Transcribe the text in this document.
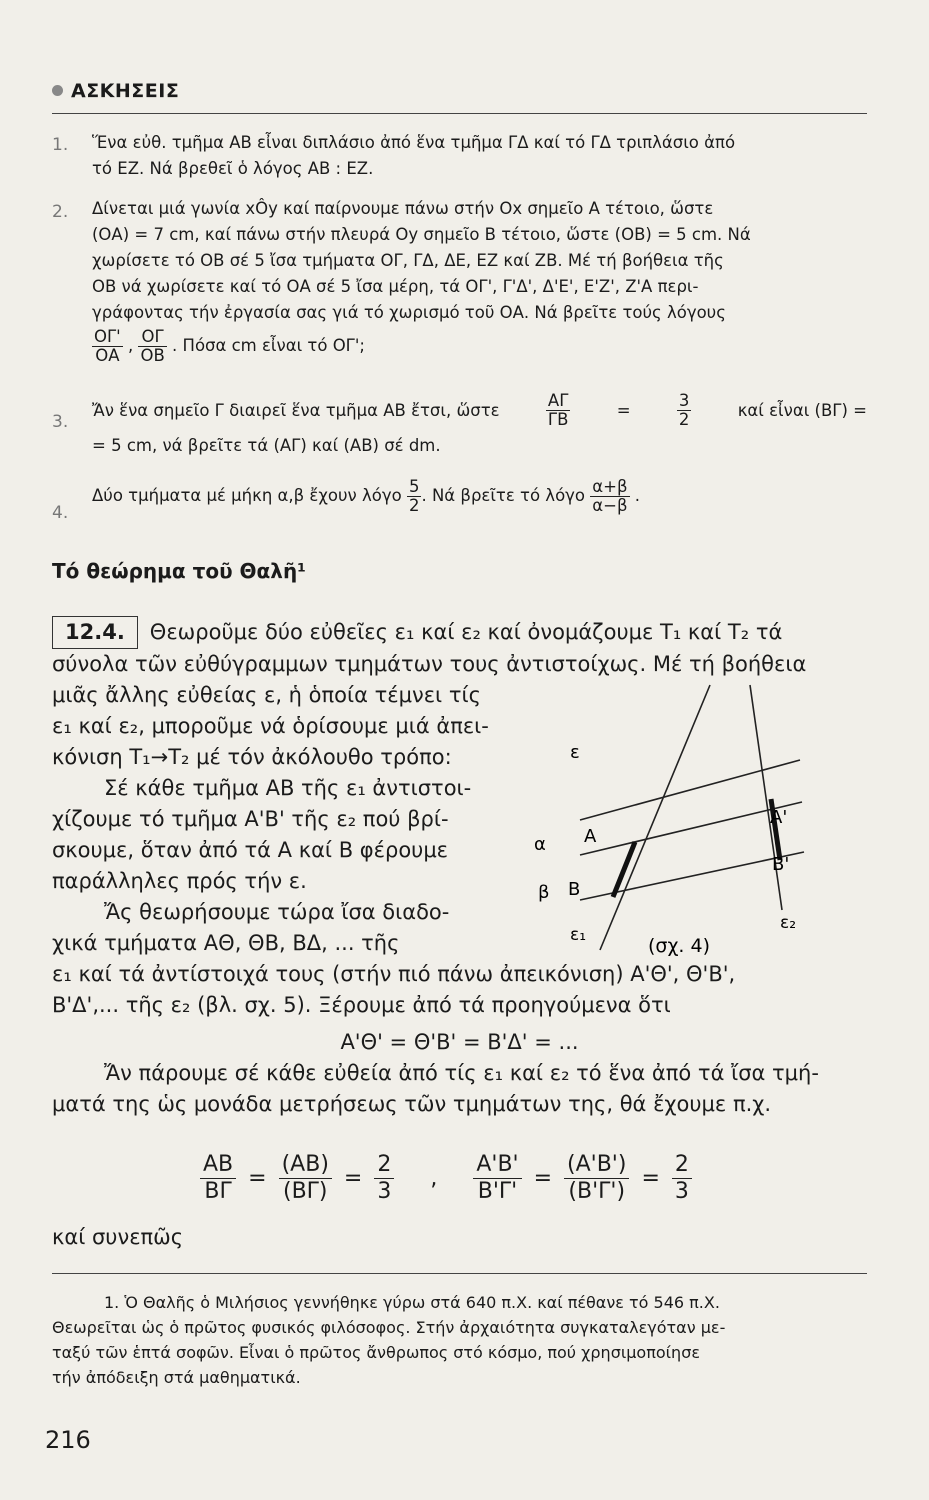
ΑΣΚΗΣΕΙΣ
1. Ἕνα εὐθ. τμῆμα ΑΒ εἶναι διπλάσιο ἀπό ἕνα τμῆμα ΓΔ καί τό ΓΔ τριπλάσιο ἀπό
τό ΕΖ. Νά βρεθεῖ ὁ λόγος ΑΒ : ΕΖ.
2. Δίνεται μιά γωνία xÔy καί παίρνουμε πάνω στήν Ox σημεῖο Α τέτοιο, ὥστε
(ΟΑ) = 7 cm, καί πάνω στήν πλευρά Oy σημεῖο Β τέτοιο, ὥστε (ΟΒ) = 5 cm. Νά
χωρίσετε τό ΟΒ σέ 5 ἴσα τμήματα ΟΓ, ΓΔ, ΔΕ, ΕΖ καί ΖΒ. Μέ τή βοήθεια τῆς
ΟΒ νά χωρίσετε καί τό ΟΑ σέ 5 ἴσα μέρη, τά ΟΓ', Γ'Δ', Δ'Ε', Ε'Ζ', Ζ'Α περι-
γράφοντας τήν ἐργασία σας γιά τό χωρισμό τοῦ ΟΑ. Νά βρεῖτε τούς λόγους
$\frac{O\Gamma'}{OA}$ , $\frac{O\Gamma}{OB}$ . Πόσα cm εἶναι τό ΟΓ';
3.
Ἄν ἕνα σημεῖο Γ διαιρεῖ ἕνα τμῆμα ΑΒ ἔτσι, ὥστε	$\frac{A\Gamma}{\Gamma B}$	=	$\frac{3}{2}$	καί εἶναι (ΒΓ) =
= 5 cm, νά βρεῖτε τά (ΑΓ) καί (ΑΒ) σέ dm.
4.
Δύο τμήματα μέ μήκη α,β ἔχουν λόγο $\frac{5}{2}$ . Νά βρεῖτε τό λόγο $\frac{\alpha+\beta}{\alpha-\beta}$ .
Τό θεώρημα τοῦ Θαλῆ¹
12.4.	Θεωροῦμε δύο εὐθεῖες ε₁ καί ε₂ καί ὀνομάζουμε Τ₁ καί Τ₂ τά
σύνολα τῶν εὐθύγραμμων τμημάτων τους ἀντιστοίχως. Μέ τή βοήθεια
μιᾶς ἄλλης εὐθείας ε, ἡ ὁποία τέμνει τίς
ε₁ καί ε₂, μποροῦμε νά ὁρίσουμε μιά ἀπει-
κόνιση Τ₁→Τ₂ μέ τόν ἀκόλουθο τρόπο:
Σέ κάθε τμῆμα ΑΒ τῆς ε₁ ἀντιστοι-
χίζουμε τό τμῆμα Α'Β' τῆς ε₂ πού βρί-
σκουμε, ὅταν ἀπό τά Α καί Β φέρουμε
παράλληλες πρός τήν ε.
Ἄς θεωρήσουμε τώρα ἴσα διαδο-
χικά τμήματα ΑΘ, ΘΒ, ΒΔ, ... τῆς
ε₁ καί τά ἀντίστοιχά τους (στήν πιό πάνω ἀπεικόνιση) Α'Θ', Θ'Β',
Β'Δ',... τῆς ε₂ (βλ. σχ. 5). Ξέρουμε ἀπό τά προηγούμενα ὅτι
Α'Θ' = Θ'Β' = Β'Δ' = ...
Ἄν πάρουμε σέ κάθε εὐθεία ἀπό τίς ε₁ καί ε₂ τό ἕνα ἀπό τά ἴσα τμή-
ματά της ὡς μονάδα μετρήσεως τῶν τμημάτων της, θά ἔχουμε π.χ.
ε
α
β
Α
Β
Α'
Β'
ε₁
ε₂
(σχ. 4)
$\frac{AB}{B\Gamma} = \frac{(AB)}{(B\Gamma)} = \frac{2}{3}$ , $\frac{A'B'}{B'\Gamma'} = \frac{(A'B')}{(B'\Gamma')} = \frac{2}{3}$
καί συνεπῶς
1. Ὁ Θαλῆς ὁ Μιλήσιος γεννήθηκε γύρω στά 640 π.Χ. καί πέθανε τό 546 π.Χ.
Θεωρεῖται ὡς ὁ πρῶτος φυσικός φιλόσοφος. Στήν ἀρχαιότητα συγκαταλεγόταν με-
ταξύ τῶν ἑπτά σοφῶν. Εἶναι ὁ πρῶτος ἄνθρωπος στό κόσμο, πού χρησιμοποίησε
τήν ἀπόδειξη στά μαθηματικά.
216
